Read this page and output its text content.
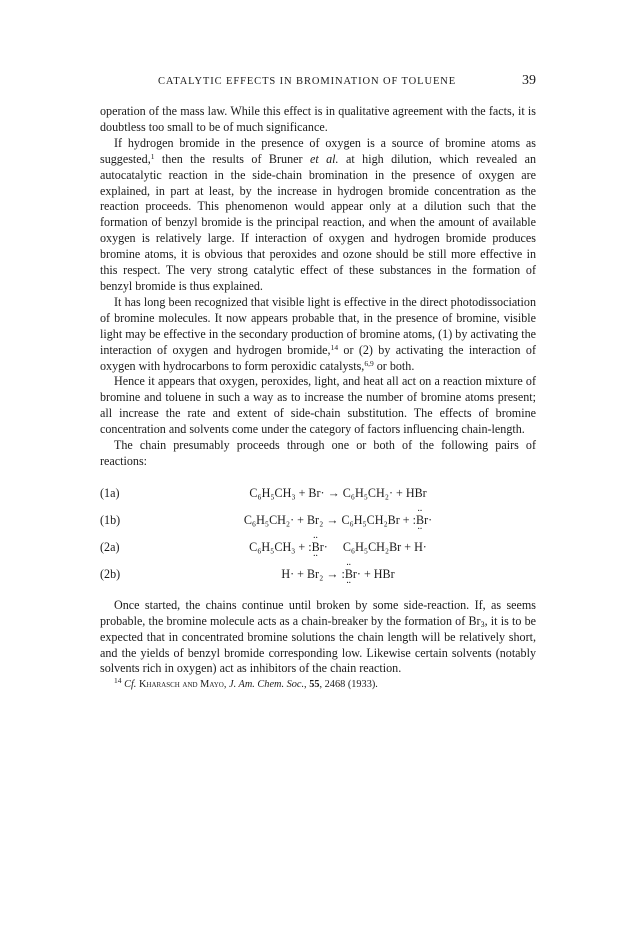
CATALYTIC EFFECTS IN BROMINATION OF TOLUENE	39

operation of the mass law. While this effect is in qualitative agreement with the facts, it is doubtless too small to be of much significance.

If hydrogen bromide in the presence of oxygen is a source of bromine atoms as suggested,$^1$ then the results of Bruner et al. at high dilution, which revealed an autocatalytic reaction in the side-chain bromination in the presence of oxygen are explained, in part at least, by the increase in hydrogen bromide concentration as the reaction proceeds. This phenomenon would appear only at a dilution such that the formation of benzyl bromide is the principal reaction, and when the amount of available oxygen is relatively large. If interaction of oxygen and hydrogen bromide produces bromine atoms, it is obvious that peroxides and ozone should be still more effective in this respect. The very strong catalytic effect of these substances in the formation of benzyl bromide is thus explained.

It has long been recognized that visible light is effective in the direct photodissociation of bromine molecules. It now appears probable that, in the presence of bromine, visible light may be effective in the secondary production of bromine atoms, (1) by activating the interaction of oxygen and hydrogen bromide,$^{14}$ or (2) by activating the interaction of oxygen with hydrocarbons to form peroxidic catalysts,$^{6,9}$ or both.

Hence it appears that oxygen, peroxides, light, and heat all act on a reaction mixture of bromine and toluene in such a way as to increase the number of bromine atoms present; all increase the rate and extent of side-chain substitution. The effects of bromine concentration and solvents come under the category of factors influencing chain-length.

The chain presumably proceeds through one or both of the following pairs of reactions:

(1a)	C₆H₅CH₃ + Br· → C₆H₅CH₂· + HBr
(1b)	C₆H₅CH₂· + Br₂ → C₆H₅CH₂Br + :·· Br ···
(2a)	C₆H₅CH₃ + :·· Br ···     C₆H₅CH₂Br + H·
(2b)	H· + Br₂ → :·· Br ··· + HBr

Once started, the chains continue until broken by some side-reaction. If, as seems probable, the bromine molecule acts as a chain-breaker by the formation of $Br_3$, it is to be expected that in concentrated bromine solutions the chain length will be relatively short, and the yields of benzyl bromide corresponding low. Likewise certain solvents (notably solvents rich in oxygen) act as inhibitors of the chain reaction.

$^{14}$ Cf. Kharasch and Mayo, J. Am. Chem. Soc., 55, 2468 (1933).
